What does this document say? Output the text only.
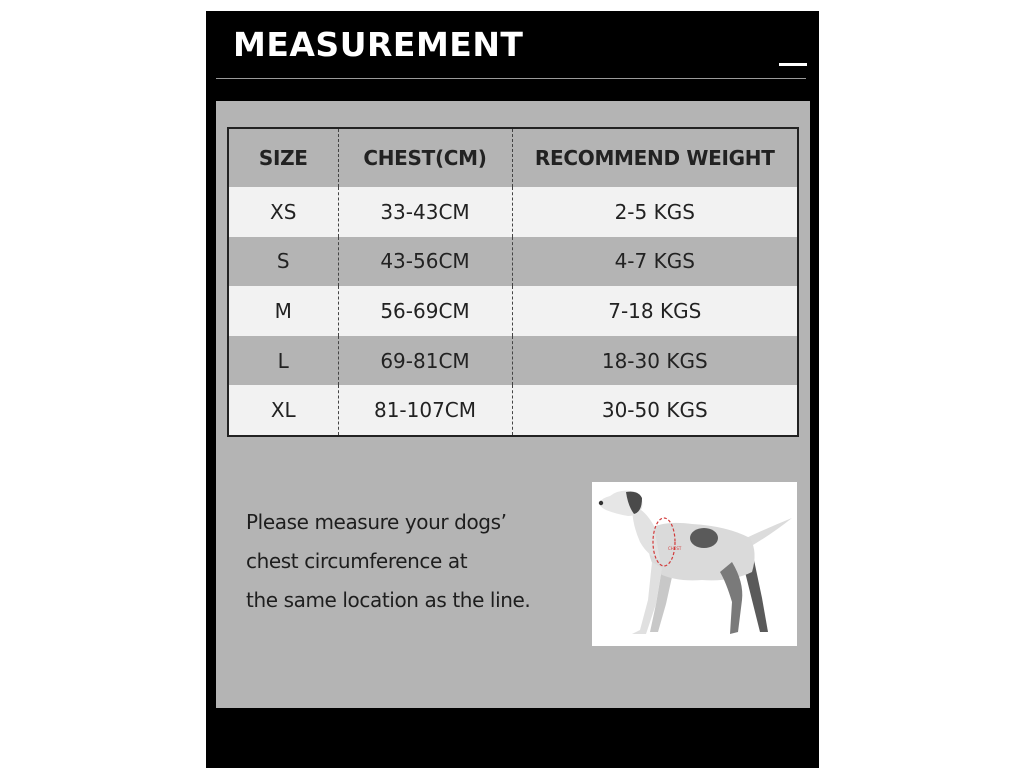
MEASUREMENT
SIZE	CHEST(CM)	RECOMMEND WEIGHT
XS	33-43CM	2-5 KGS
S	43-56CM	4-7 KGS
M	56-69CM	7-18 KGS
L	69-81CM	18-30 KGS
XL	81-107CM	30-50 KGS
Please measure your dogs’
chest circumference at
the same location as the line.
CHEST
